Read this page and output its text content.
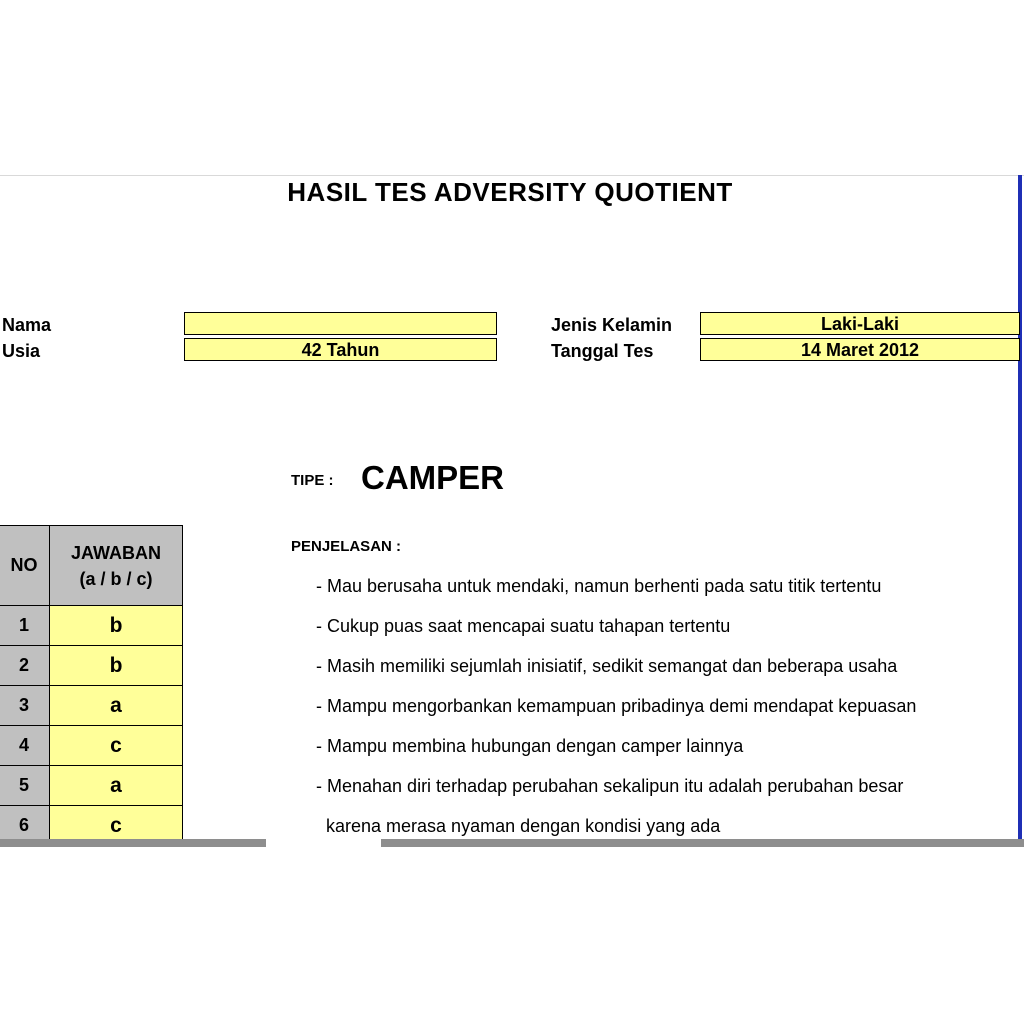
HASIL TES ADVERSITY QUOTIENT
Nama
Usia	42 Tahun
Jenis Kelamin	Laki-Laki
Tanggal Tes	14 Maret 2012
TIPE : CAMPER
PENJELASAN :
- Mau berusaha untuk mendaki, namun berhenti pada satu titik tertentu
- Cukup puas saat mencapai suatu tahapan tertentu
- Masih memiliki sejumlah inisiatif, sedikit semangat dan beberapa usaha
- Mampu mengorbankan kemampuan pribadinya demi mendapat kepuasan
- Mampu membina hubungan dengan camper lainnya
- Menahan diri terhadap perubahan sekalipun itu adalah perubahan besar
karena merasa nyaman dengan kondisi yang ada
NO	JAWABAN
(a / b / c)
1	b
2	b
3	a
4	c
5	a
6	c
